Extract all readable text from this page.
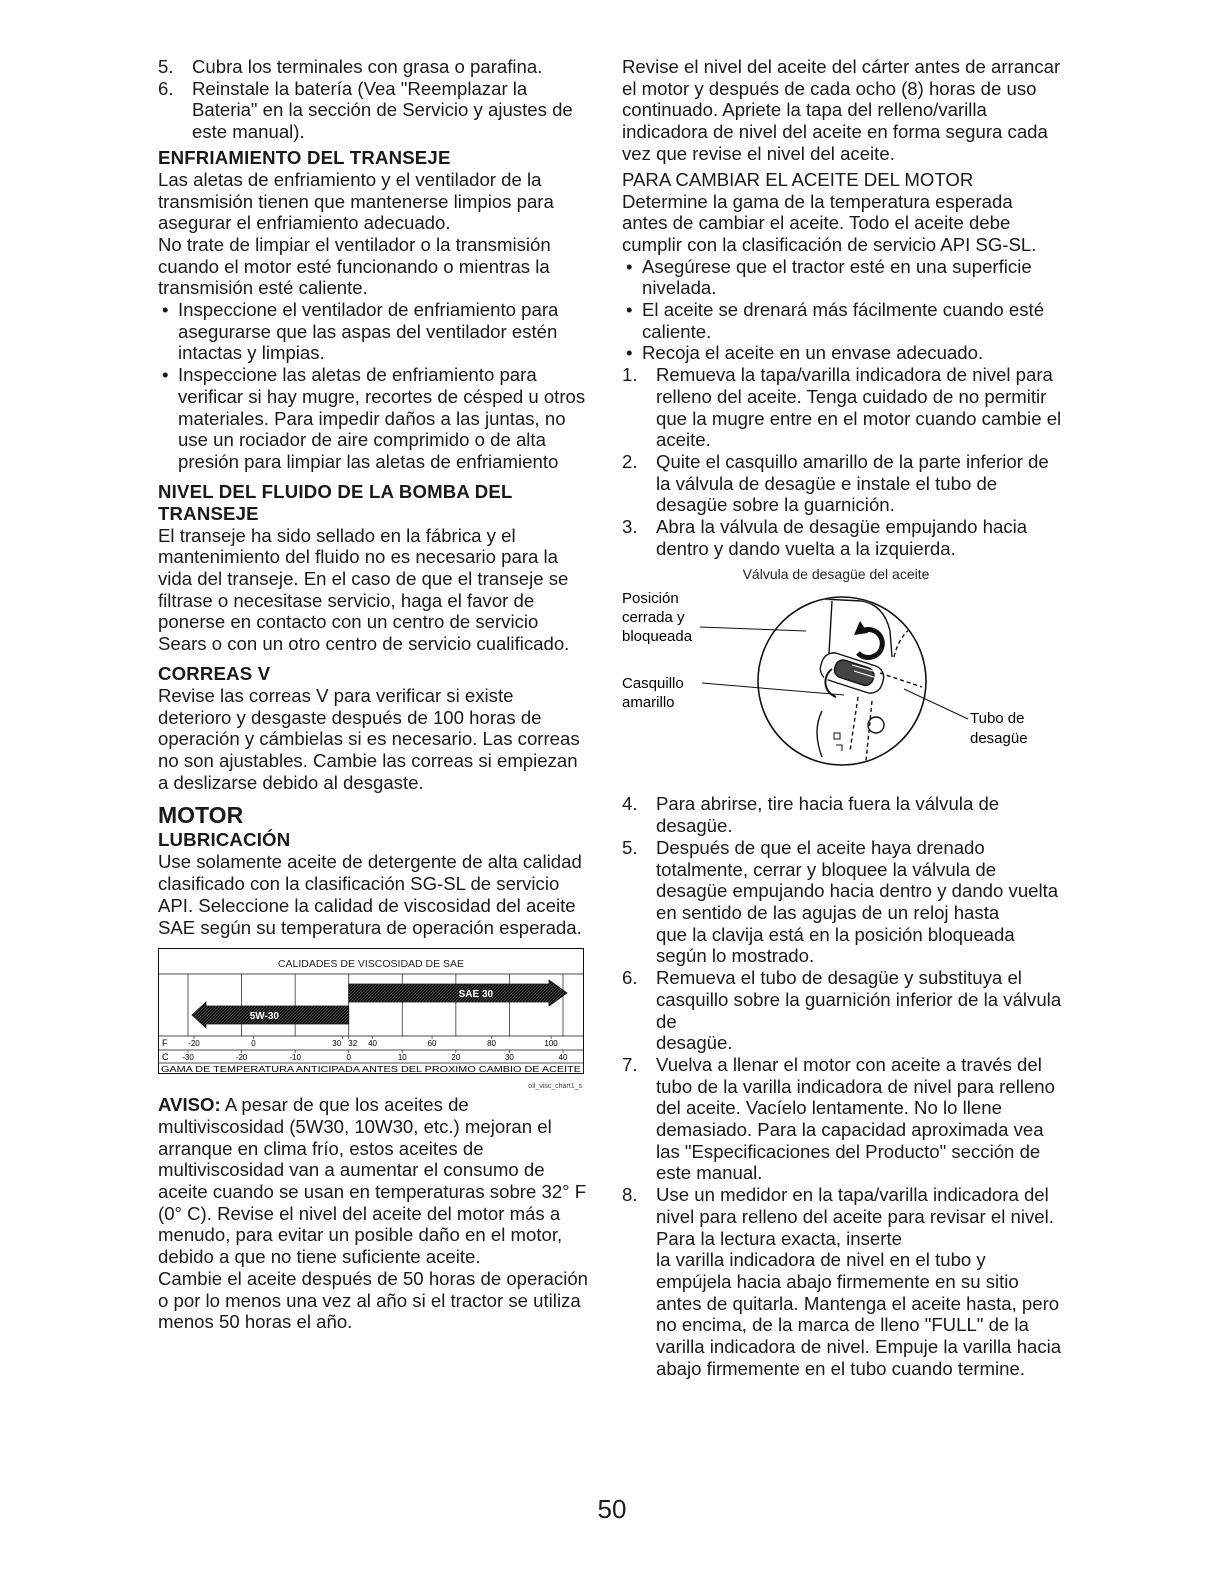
5. Cubra los terminales con grasa o parafina.
6. Reinstale la batería (Vea "Reemplazar la Bateria" en la sección de Servicio y ajustes de este manual).
ENFRIAMIENTO DEL TRANSEJE

Las aletas de enfriamiento y el ventilador de la transmisión tienen que mantenerse limpios para asegurar el enfriamiento adecuado.

No trate de limpiar el ventilador o la transmisión cuando el motor esté funcionando o mientras la transmisión esté caliente.

• Inspeccione el ventilador de enfriamiento para asegurarse que las aspas del ventilador estén intactas y limpias.
• Inspeccione las aletas de enfriamiento para verificar si hay mugre, recortes de césped u otros materiales. Para impedir daños a las juntas, no use un rociador de aire comprimido o de alta presión para limpiar las aletas de enfriamiento
NIVEL DEL FLUIDO DE LA BOMBA DEL TRANSEJE

El transeje ha sido sellado en la fábrica y el mantenimiento del fluido no es necesario para la vida del transeje. En el caso de que el transeje se filtrase o necesitase servicio, haga el favor de ponerse en contacto con un centro de servicio Sears o con un otro centro de servicio cualificado.

CORREAS V

Revise las correas V para verificar si existe deterioro y desgaste después de 100 horas de operación y cámbielas si es necesario. Las correas no son ajustables. Cambie las correas si empiezan a deslizarse debido al desgaste.

MOTOR
LUBRICACIÓN

Use solamente aceite de detergente de alta calidad clasificado con la clasificación SG-SL de servicio API. Seleccione la calidad de viscosidad del aceite SAE según su temperatura de operación esperada.

CALIDADES DE VISCOSIDAD DE SAE
5W-30
SAE 30
F
C
-20	0	30 32 40	60	80	100
-30	-20	-10	0	10	20	30	40
GAMA DE TEMPERATURA ANTICIPADA ANTES DEL PROXIMO CAMBIO DE ACEITE
oil_visc_chart1_s

AVISO: A pesar de que los aceites de multiviscosidad (5W30, 10W30, etc.) mejoran el arranque en clima frío, estos aceites de multiviscosidad van a aumentar el consumo de aceite cuando se usan en temperaturas sobre 32° F (0° C). Revise el nivel del aceite del motor más a menudo, para evitar un posible daño en el motor, debido a que no tiene suficiente aceite.

Cambie el aceite después de 50 horas de operación o por lo menos una vez al año si el tractor se utiliza menos 50 horas el año.

Revise el nivel del aceite del cárter antes de arrancar el motor y después de cada ocho (8) horas de uso continuado. Apriete la tapa del relleno/varilla indicadora de nivel del aceite en forma segura cada vez que revise el nivel del aceite.

PARA CAMBIAR EL ACEITE DEL MOTOR

Determine la gama de la temperatura esperada antes de cambiar el aceite. Todo el aceite debe cumplir con la clasificación de servicio API SG-SL.

• Asegúrese que el tractor esté en una superficie nivelada.
• El aceite se drenará más fácilmente cuando esté caliente.
• Recoja el aceite en un envase adecuado.
1. Remueva la tapa/varilla indicadora de nivel para relleno del aceite. Tenga cuidado de no permitir que la mugre entre en el motor cuando cambie el aceite.
2. Quite el casquillo amarillo de la parte inferior de la válvula de desagüe e instale el tubo de desagüe sobre la guarnición.
3. Abra la válvula de desagüe empujando hacia dentro y dando vuelta a la izquierda.
Válvula de desagüe del aceite
Posición
cerrada y
bloqueada
Casquillo
amarillo
Tubo de
desagüe
4. Para abrirse, tire hacia fuera la válvula de desagüe.
5. Después de que el aceite haya drenado totalmente, cerrar y bloquee la válvula de desagüe empujando hacia dentro y dando vuelta en sentido de las agujas de un reloj hasta

que la clavija está en la posición bloqueada según lo mostrado.

6. Remueva el tubo de desagüe y substituya el casquillo sobre la guarnición inferior de la válvula de

desagüe.

7. Vuelva a llenar el motor con aceite a través del tubo de la varilla indicadora de nivel para relleno del aceite. Vacíelo lentamente. No lo llene demasiado. Para la capacidad aproximada vea las "Especificaciones del Producto" sección de este manual.
8. Use un medidor en la tapa/varilla indicadora del nivel para relleno del aceite para revisar el nivel. Para la lectura exacta, inserte

la varilla indicadora de nivel en el tubo y empújela hacia abajo firmemente en su sitio antes de quitarla. Mantenga el aceite hasta, pero no encima, de la marca de lleno "FULL" de la varilla indicadora de nivel. Empuje la varilla hacia abajo firmemente en el tubo cuando termine.

50
